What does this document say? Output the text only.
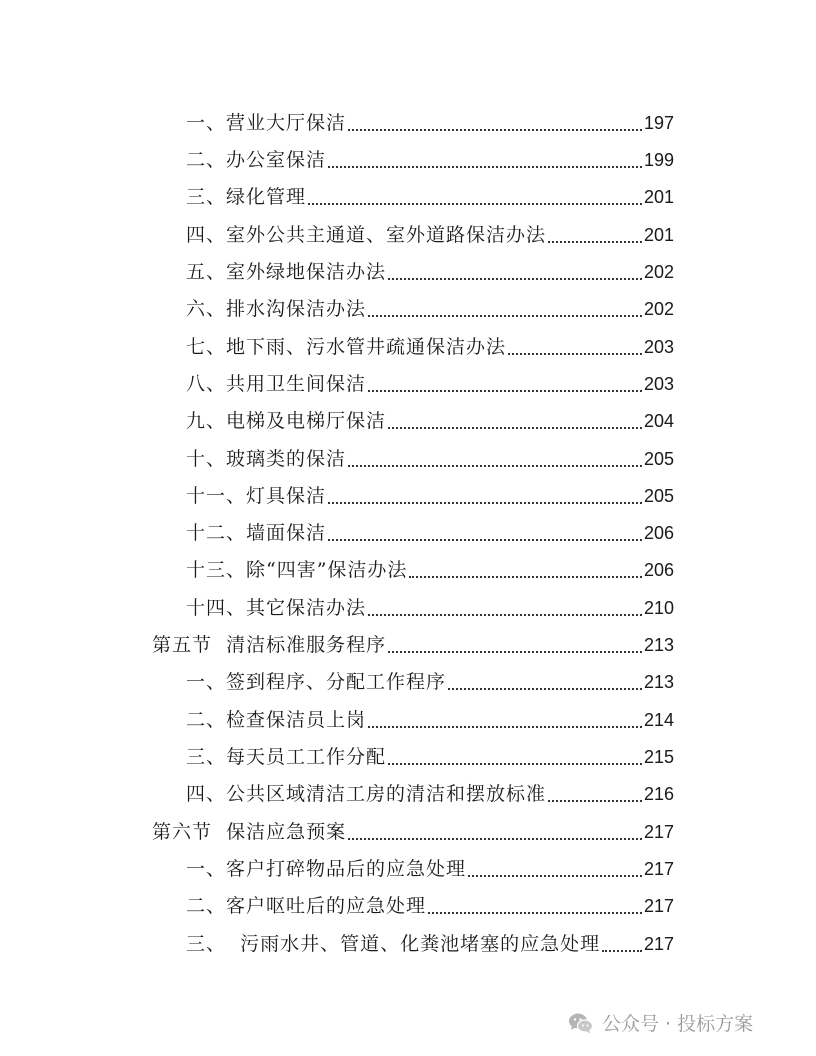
一、营业大厅保洁	197
二、办公室保洁	199
三、绿化管理	201
四、室外公共主通道、室外道路保洁办法	201
五、室外绿地保洁办法	202
六、排水沟保洁办法	202
七、地下雨、污水管井疏通保洁办法	203
八、共用卫生间保洁	203
九、电梯及电梯厅保洁	204
十、玻璃类的保洁	205
十一、灯具保洁	205
十二、墙面保洁	206
十三、除“四害”保洁办法	206
十四、其它保洁办法	210
第五节  清洁标准服务程序	213
一、签到程序、分配工作程序	213
二、检查保洁员上岗	214
三、每天员工工作分配	215
四、公共区域清洁工房的清洁和摆放标准	216
第六节  保洁应急预案	217
一、客户打碎物品后的应急处理	217
二、客户呕吐后的应急处理	217
三、  污雨水井、管道、化粪池堵塞的应急处理 217
公众号 · 投标方案
